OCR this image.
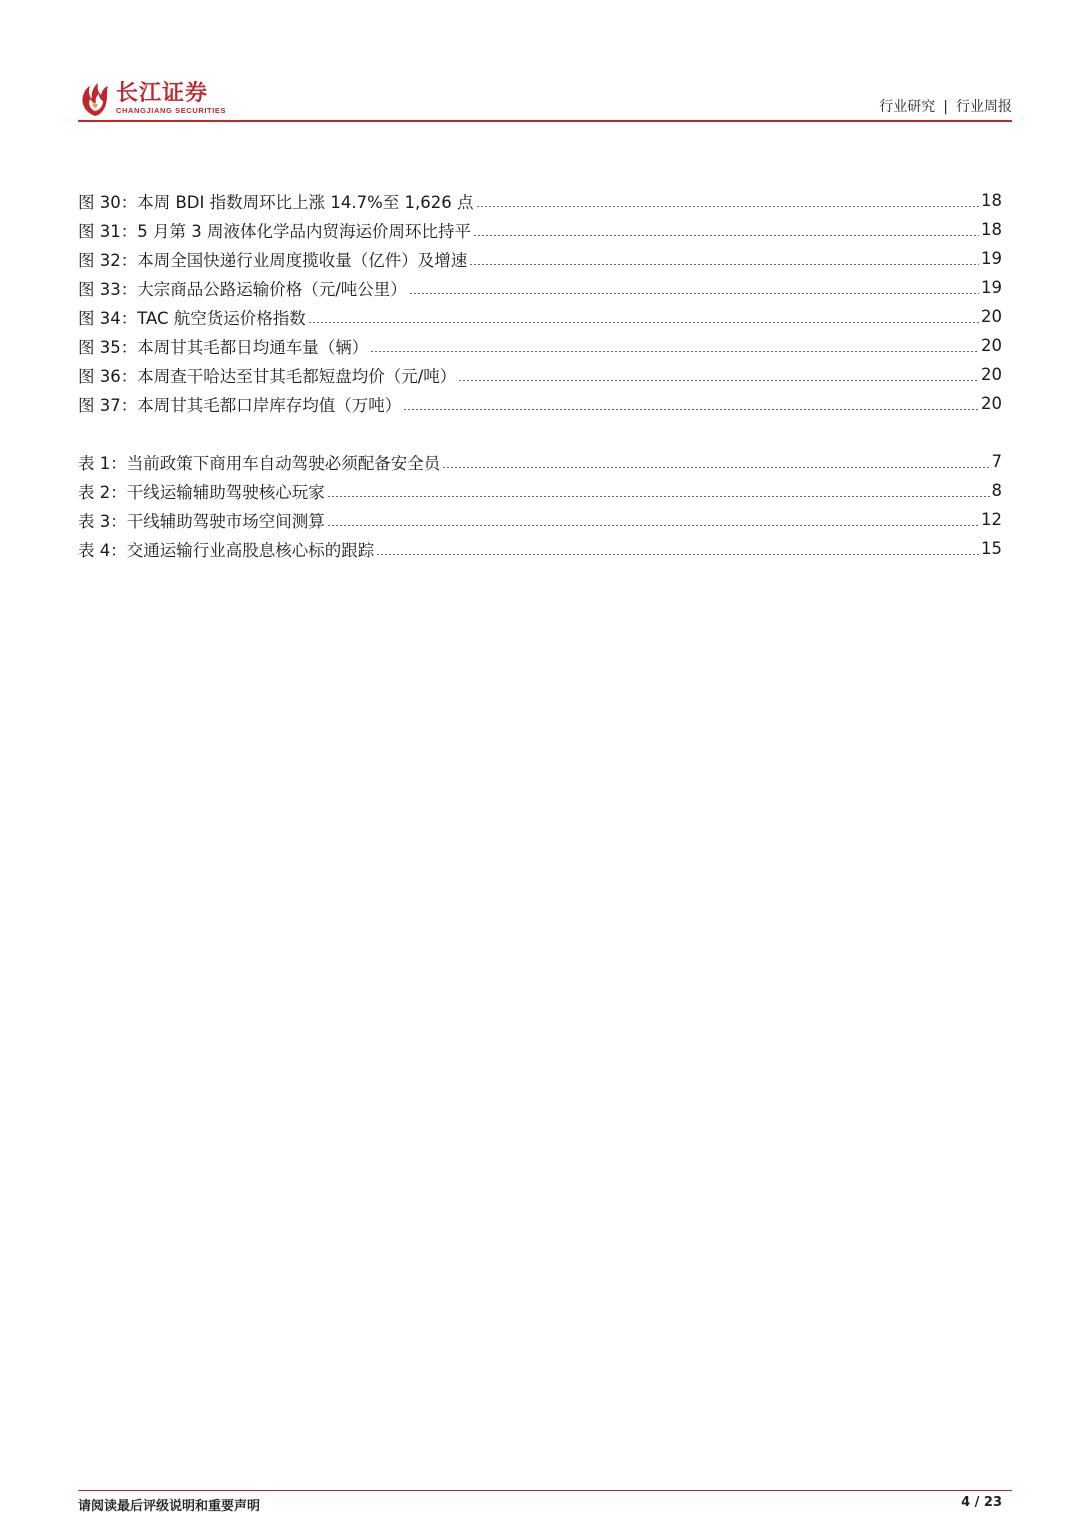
长江证券
CHANGJIANG SECURITIES	行业研究 | 行业周报
图 30：本周 BDI 指数周环比上涨 14.7%至 1,626 点	18
图 31：5 月第 3 周液体化学品内贸海运价周环比持平	18
图 32：本周全国快递行业周度揽收量（亿件）及增速	19
图 33：大宗商品公路运输价格（元/吨公里）	19
图 34：TAC 航空货运价格指数	20
图 35：本周甘其毛都日均通车量（辆）	20
图 36：本周查干哈达至甘其毛都短盘均价（元/吨）	20
图 37：本周甘其毛都口岸库存均值（万吨）	20
表 1：当前政策下商用车自动驾驶必须配备安全员	7
表 2：干线运输辅助驾驶核心玩家	8
表 3：干线辅助驾驶市场空间测算	12
表 4：交通运输行业高股息核心标的跟踪	15
请阅读最后评级说明和重要声明	4 / 23
